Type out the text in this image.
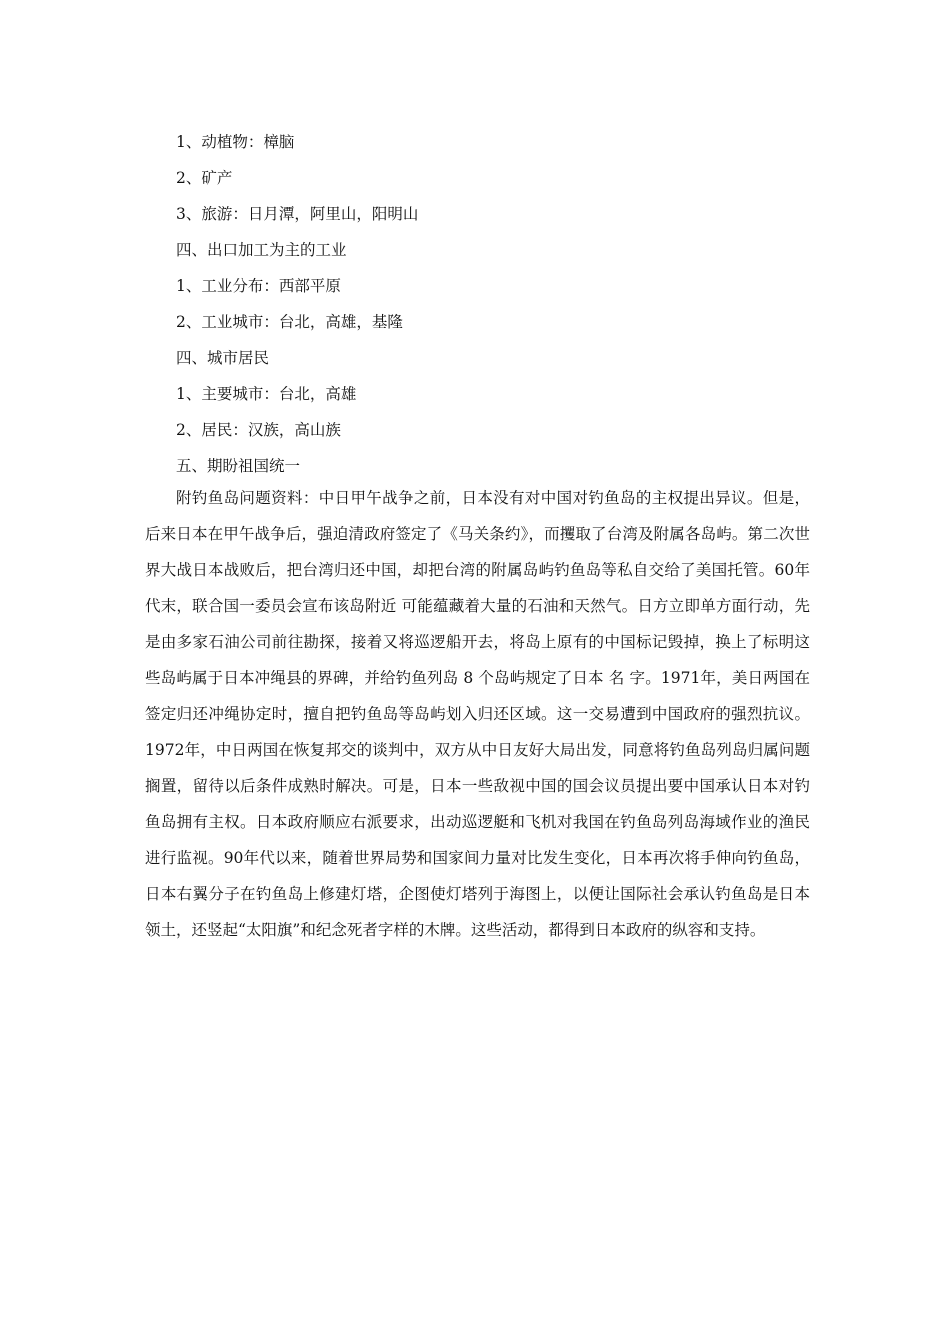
1、动植物：樟脑
2、矿产
3、旅游：日月潭，阿里山，阳明山
四、出口加工为主的工业
1、工业分布：西部平原
2、工业城市：台北，高雄，基隆
四、城市居民
1、主要城市：台北，高雄
2、居民：汉族，高山族
五、期盼祖国统一

附钓鱼岛问题资料：中日甲午战争之前，日本没有对中国对钓鱼岛的主权提出异议。但是，后来日本在甲午战争后，强迫清政府签定了《马关条约》，而攫取了台湾及附属各岛屿。第二次世界大战日本战败后，把台湾归还中国，却把台湾的附属岛屿钓鱼岛等私自交给了美国托管。60年代末，联合国一委员会宣布该岛附近 可能蕴藏着大量的石油和天然气。日方立即单方面行动，先是由多家石油公司前往勘探，接着又将巡逻船开去，将岛上原有的中国标记毁掉，换上了标明这些岛屿属于日本冲绳县的界碑，并给钓鱼列岛 8 个岛屿规定了日本 名 字。1971年，美日两国在签定归还冲绳协定时，擅自把钓鱼岛等岛屿划入归还区域。这一交易遭到中国政府的强烈抗议。1972年，中日两国在恢复邦交的谈判中，双方从中日友好大局出发，同意将钓鱼岛列岛归属问题搁置，留待以后条件成熟时解决。可是，日本一些敌视中国的国会议员提出要中国承认日本对钓鱼岛拥有主权。日本政府顺应右派要求，出动巡逻艇和飞机对我国在钓鱼岛列岛海域作业的渔民进行监视。90年代以来，随着世界局势和国家间力量对比发生变化，日本再次将手伸向钓鱼岛，日本右翼分子在钓鱼岛上修建灯塔，企图使灯塔列于海图上，以便让国际社会承认钓鱼岛是日本领土，还竖起“太阳旗”和纪念死者字样的木牌。这些活动，都得到日本政府的纵容和支持。
